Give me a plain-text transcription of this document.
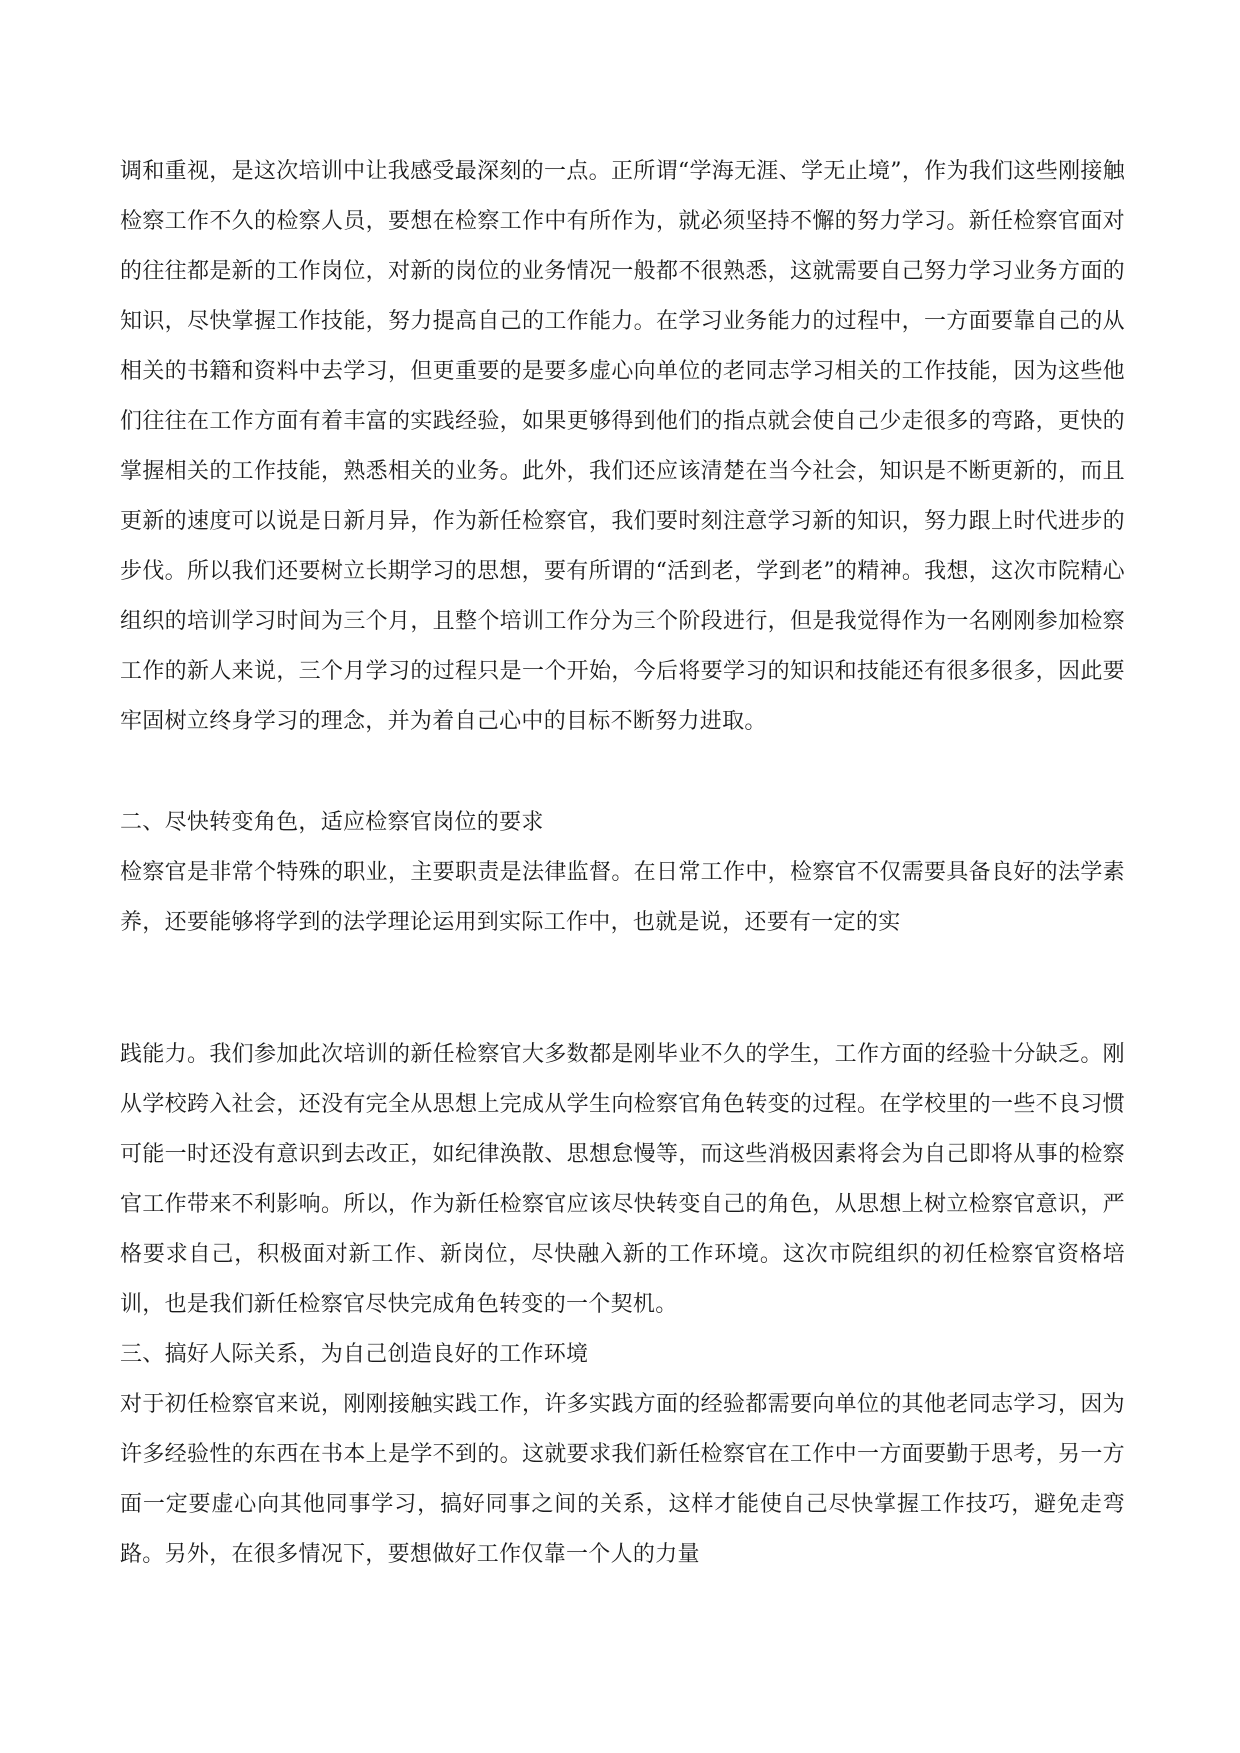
调和重视，是这次培训中让我感受最深刻的一点。正所谓“学海无涯、学无止境”，作为我们这些刚接触检察工作不久的检察人员，要想在检察工作中有所作为，就必须坚持不懈的努力学习。新任检察官面对的往往都是新的工作岗位，对新的岗位的业务情况一般都不很熟悉，这就需要自己努力学习业务方面的知识，尽快掌握工作技能，努力提高自己的工作能力。在学习业务能力的过程中，一方面要靠自己的从相关的书籍和资料中去学习，但更重要的是要多虚心向单位的老同志学习相关的工作技能，因为这些他们往往在工作方面有着丰富的实践经验，如果更够得到他们的指点就会使自己少走很多的弯路，更快的掌握相关的工作技能，熟悉相关的业务。此外，我们还应该清楚在当今社会，知识是不断更新的，而且更新的速度可以说是日新月异，作为新任检察官，我们要时刻注意学习新的知识，努力跟上时代进步的步伐。所以我们还要树立长期学习的思想，要有所谓的“活到老，学到老”的精神。我想，这次市院精心组织的培训学习时间为三个月，且整个培训工作分为三个阶段进行，但是我觉得作为一名刚刚参加检察工作的新人来说，三个月学习的过程只是一个开始，今后将要学习的知识和技能还有很多很多，因此要牢固树立终身学习的理念，并为着自己心中的目标不断努力进取。

二、尽快转变角色，适应检察官岗位的要求

检察官是非常个特殊的职业，主要职责是法律监督。在日常工作中，检察官不仅需要具备良好的法学素养，还要能够将学到的法学理论运用到实际工作中，也就是说，还要有一定的实

践能力。我们参加此次培训的新任检察官大多数都是刚毕业不久的学生，工作方面的经验十分缺乏。刚从学校跨入社会，还没有完全从思想上完成从学生向检察官角色转变的过程。在学校里的一些不良习惯可能一时还没有意识到去改正，如纪律涣散、思想怠慢等，而这些消极因素将会为自己即将从事的检察官工作带来不利影响。所以，作为新任检察官应该尽快转变自己的角色，从思想上树立检察官意识，严格要求自己，积极面对新工作、新岗位，尽快融入新的工作环境。这次市院组织的初任检察官资格培训，也是我们新任检察官尽快完成角色转变的一个契机。

三、搞好人际关系，为自己创造良好的工作环境

对于初任检察官来说，刚刚接触实践工作，许多实践方面的经验都需要向单位的其他老同志学习，因为许多经验性的东西在书本上是学不到的。这就要求我们新任检察官在工作中一方面要勤于思考，另一方面一定要虚心向其他同事学习，搞好同事之间的关系，这样才能使自己尽快掌握工作技巧，避免走弯路。另外，在很多情况下，要想做好工作仅靠一个人的力量
